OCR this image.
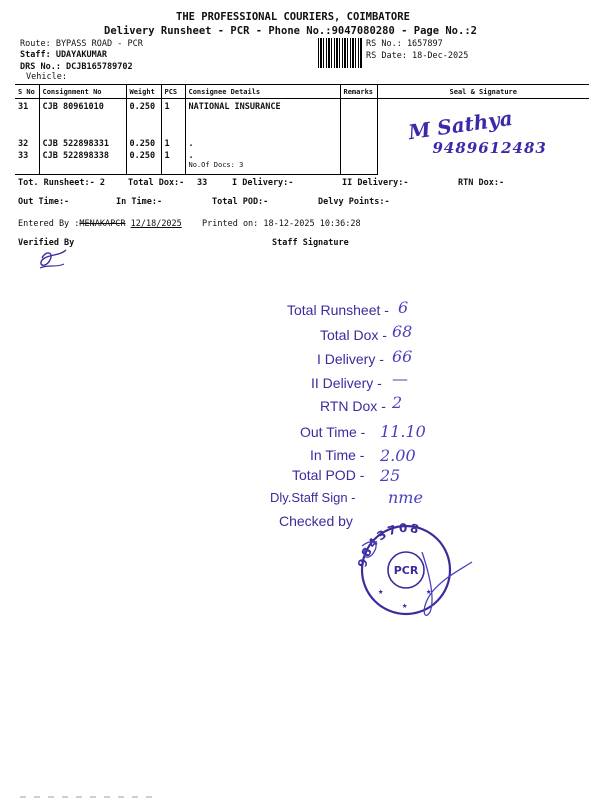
THE PROFESSIONAL COURIERS, COIMBATORE
Delivery Runsheet - PCR - Phone No.:9047080280 - Page No.:2
Route: BYPASS ROAD - PCR
Staff: UDAYAKUMAR
DRS No.: DCJB165789702
Vehicle:
RS No.: 1657897
RS Date: 18-Dec-2025
S No	Consignment No	Weight	PCS	Consignee Details	Remarks	Seal & Signature
31	CJB 80961010	0.250	1	NATIONAL INSURANCE		M Sathya
9489612483

32	CJB 522898331	0.250	1	.		
33	CJB 522898338	0.250	1	.
No.Of Docs: 3		

Tot. Runsheet:- 2	Total Dox:- 33	I Delivery:-	II Delivery:-	RTN Dox:-
Out Time:-	In Time:-	Total POD:-	Delvy Points:-
Entered By :MENAKAPCR 12/18/2025 Printed on: 18-12-2025 10:36:28
Verified By	Staff Signature
Total Runsheet - 6
Total Dox - 68
I Delivery - 66
II Delivery - —
RTN Dox - 2
Out Time - 11.10
In Time - 2.00
Total POD - 25
Dly.Staff Sign - nme
Checked by
9843708
PCR
★	★
★
